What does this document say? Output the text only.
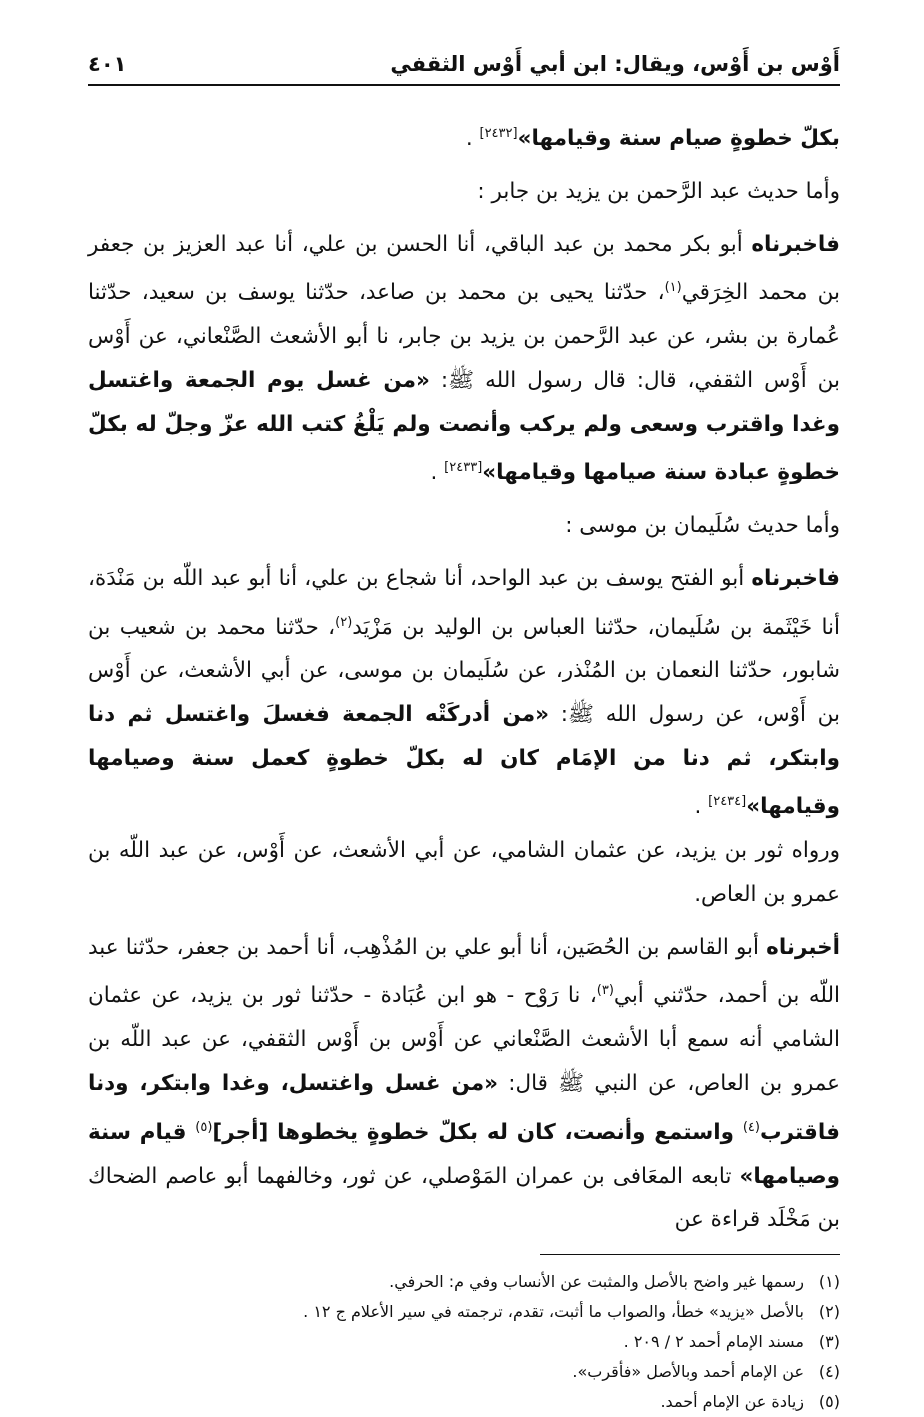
أَوْس بن أَوْس، ويقال: ابن أبي أَوْس الثقفي
٤٠١

بكلّ خطوةٍ صيام سنة وقيامها»[٢٤٣٢] .

وأما حديث عبد الرَّحمن بن يزيد بن جابر :

فاخبرناه أبو بكر محمد بن عبد الباقي، أنا الحسن بن علي، أنا عبد العزيز بن جعفر بن محمد الخِرَقي$^{(١)}$، حدّثنا يحيى بن محمد بن صاعد، حدّثنا يوسف بن سعيد، حدّثنا عُمارة بن بشر، عن عبد الرَّحمن بن يزيد بن جابر، نا أبو الأشعث الصَّنْعاني، عن أَوْس بن أَوْس الثقفي، قال: قال رسول الله ﷺ: «من غسل يوم الجمعة واغتسل وغدا واقترب وسعى ولم يركب وأنصت ولم يَلْغُ كتب الله عزّ وجلّ له بكلّ خطوةٍ عبادة سنة صيامها وقيامها»[٢٤٣٣] .

وأما حديث سُلَيمان بن موسى :

فاخبرناه أبو الفتح يوسف بن عبد الواحد، أنا شجاع بن علي، أنا أبو عبد اللّه بن مَنْدَة، أنا خَيْثَمة بن سُلَيمان، حدّثنا العباس بن الوليد بن مَزْيَد$^{(٢)}$، حدّثنا محمد بن شعيب بن شابور، حدّثنا النعمان بن المُنْذر، عن سُلَيمان بن موسى، عن أبي الأشعث، عن أَوْس بن أَوْس، عن رسول الله ﷺ: «من أدركَتْه الجمعة فغسلَ واغتسل ثم دنا وابتكر، ثم دنا من الإمَام كان له بكلّ خطوةٍ كعمل سنة وصيامها وقيامها»[٢٤٣٤] .

ورواه ثور بن يزيد، عن عثمان الشامي، عن أبي الأشعث، عن أَوْس، عن عبد اللّه بن عمرو بن العاص.

أخبرناه أبو القاسم بن الحُصَين، أنا أبو علي بن المُذْهِب، أنا أحمد بن جعفر، حدّثنا عبد اللّه بن أحمد، حدّثني أبي$^{(٣)}$، نا رَوْح - هو ابن عُبَادة - حدّثنا ثور بن يزيد، عن عثمان الشامي أنه سمع أبا الأشعث الصَّنْعاني عن أَوْس بن أَوْس الثقفي، عن عبد اللّه بن عمرو بن العاص، عن النبي ﷺ قال: «من غسل واغتسل، وغدا وابتكر، ودنا فاقترب$^{(٤)}$ واستمع وأنصت، كان له بكلّ خطوةٍ يخطوها [أجر]$^{(٥)}$ قيام سنة وصيامها» تابعه المعَافى بن عمران المَوْصلي، عن ثور، وخالفهما أبو عاصم الضحاك بن مَخْلَد قراءة عن

(١)رسمها غير واضح بالأصل والمثبت عن الأنساب وفي م: الحرفي.

(٢)بالأصل «يزيد» خطأ، والصواب ما أثبت، تقدم، ترجمته في سير الأعلام ج ١٢ .

(٣)مسند الإمام أحمد ٢ / ٢٠٩ .

(٤)عن الإمام أحمد وبالأصل «فأقرب».

(٥)زيادة عن الإمام أحمد.
